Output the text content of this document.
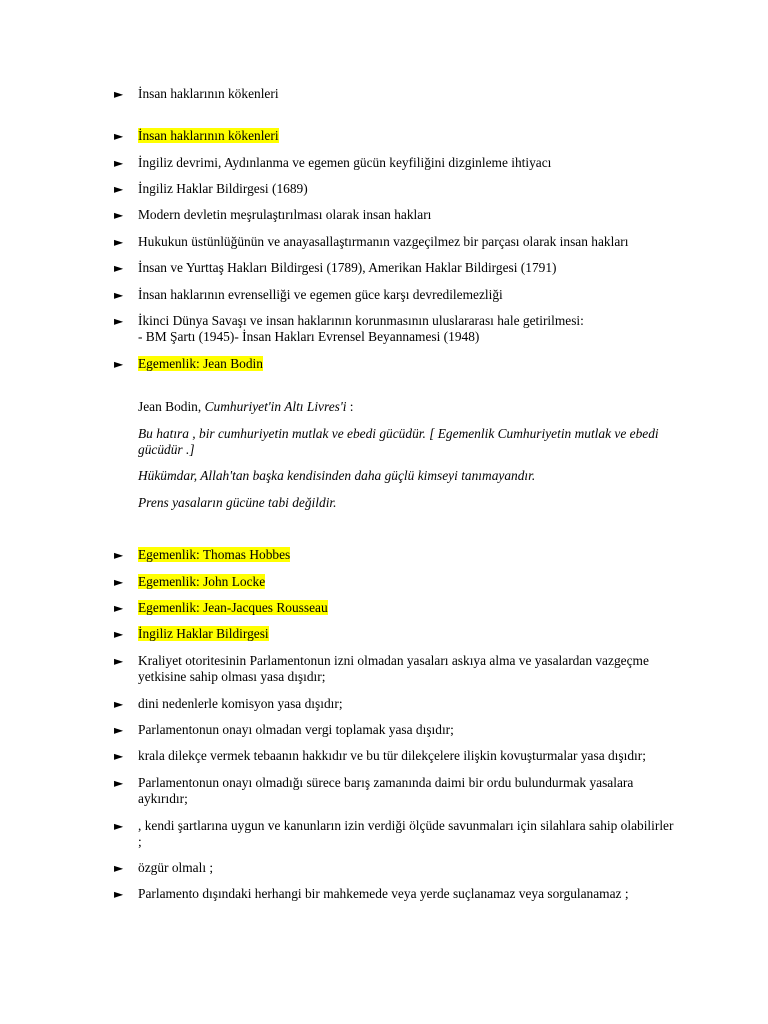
►	İnsan haklarının kökenleri
►	İnsan haklarının kökenleri
►	İngiliz devrimi, Aydınlanma ve egemen gücün keyfiliğini dizginleme ihtiyacı
►	İngiliz Haklar Bildirgesi (1689)
►	Modern devletin meşrulaştırılması olarak insan hakları
►	Hukukun üstünlüğünün ve anayasallaştırmanın vazgeçilmez bir parçası olarak insan hakları
►	İnsan ve Yurttaş Hakları Bildirgesi (1789), Amerikan Haklar Bildirgesi (1791)
►	İnsan haklarının evrenselliği ve egemen güce karşı devredilemezliği
►	İkinci Dünya Savaşı ve insan haklarının korunmasının uluslararası hale getirilmesi:
- BM Şartı (1945)- İnsan Hakları Evrensel Beyannamesi (1948)
►	Egemenlik: Jean Bodin
Jean Bodin, Cumhuriyet'in Altı Livres'i :
Bu hatıra , bir cumhuriyetin mutlak ve ebedi gücüdür. [ Egemenlik Cumhuriyetin mutlak ve ebedi gücüdür .]
Hükümdar, Allah'tan başka kendisinden daha güçlü kimseyi tanımayandır.
Prens yasaların gücüne tabi değildir.
►	Egemenlik: Thomas Hobbes
►	Egemenlik: John Locke
►	Egemenlik: Jean-Jacques Rousseau
►	İngiliz Haklar Bildirgesi
►	Kraliyet otoritesinin Parlamentonun izni olmadan yasaları askıya alma ve yasalardan vazgeçme yetkisine sahip olması yasa dışıdır;
►	dini nedenlerle komisyon yasa dışıdır;
►	Parlamentonun onayı olmadan vergi toplamak yasa dışıdır;
►	krala dilekçe vermek tebaanın hakkıdır ve bu tür dilekçelere ilişkin kovuşturmalar yasa dışıdır;
►	Parlamentonun onayı olmadığı sürece barış zamanında daimi bir ordu bulundurmak yasalara aykırıdır;
►	, kendi şartlarına uygun ve kanunların izin verdiği ölçüde savunmaları için silahlara sahip olabilirler ;
►	özgür olmalı ;
►	Parlamento dışındaki herhangi bir mahkemede veya yerde suçlanamaz veya sorgulanamaz ;
